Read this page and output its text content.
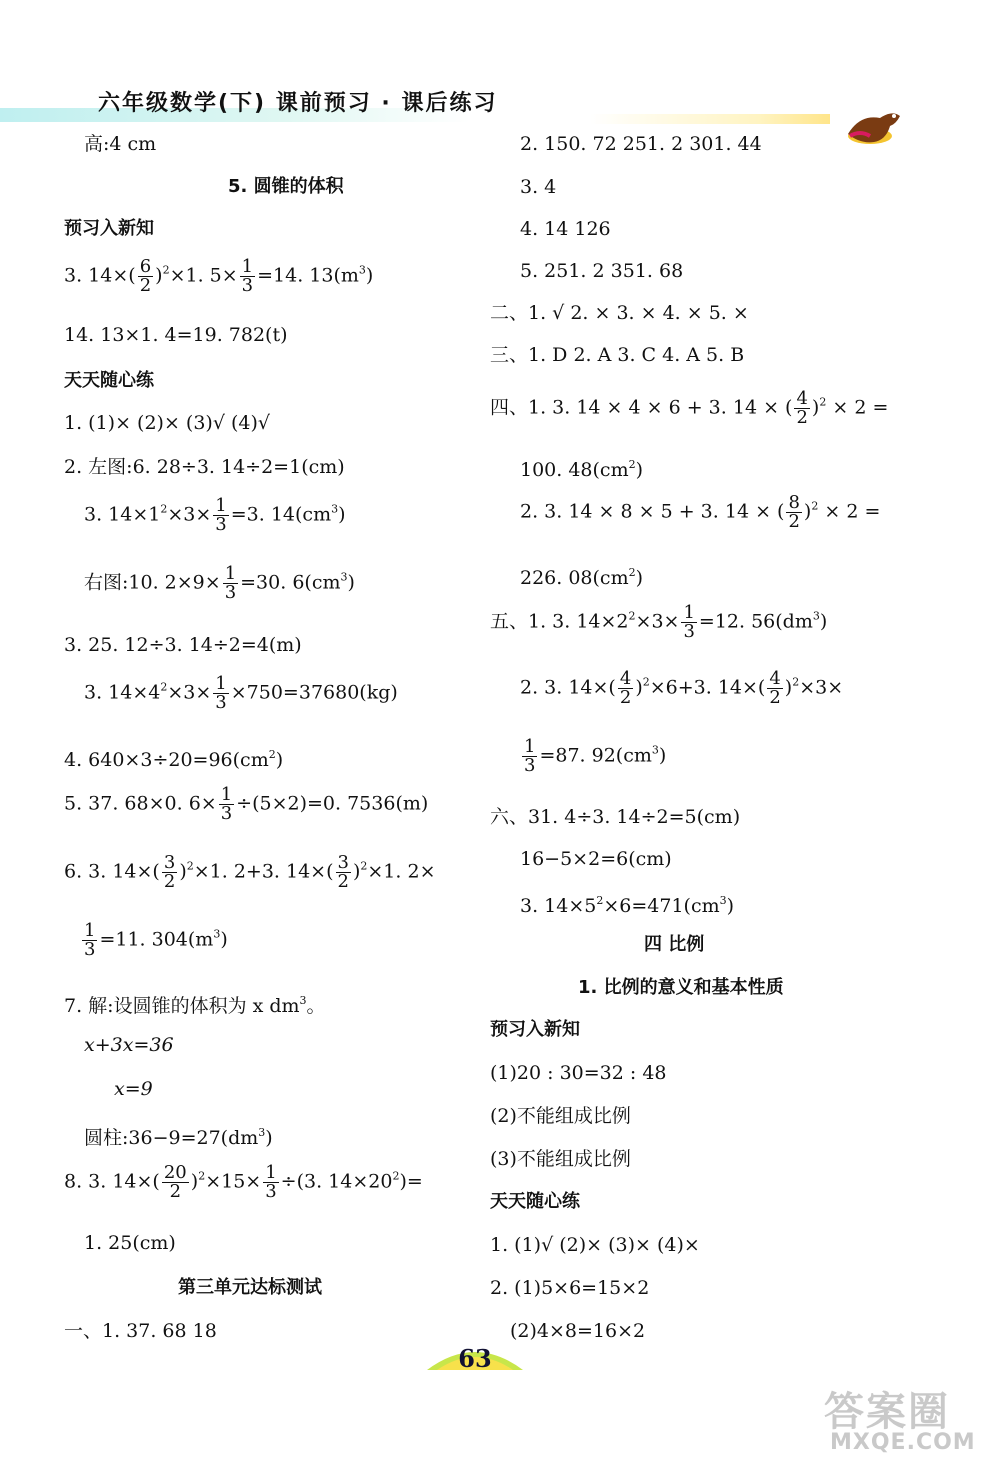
六年级数学(下) 课前预习 · 课后练习
高:4 cm
5. 圆锥的体积
预习入新知
3. $14\times( \frac{6}{2} )^2\times 1$. $5\times \frac{1}{3} =14$. $13(m^3)$
14. 13×1. 4=19. 782(t)
天天随心练
1. (1)× (2)× (3)√ (4)√
2. 左图:6. 28÷3. 14÷2=1(cm)
3. $14\times 1^2\times 3\times \frac{1}{3} =3$. $14(cm^3)$
右图:10. $2\times 9\times \frac{1}{3} =30$. $6(cm^3)$
3. 25. 12÷3. 14÷2=4(m)
3. $14\times 4^2\times 3\times \frac{1}{3} \times 750=37680(kg)$
4. $640\times 3\div 20=96(cm^2)$
5. 37. 68×0. $6\times \frac{1}{3} \div(5\times 2)=0$. 7536(m)
6. 3. $14\times( \frac{3}{2} )^2\times 1$. 2+3. $14\times( \frac{3}{2} )^2\times 1$. 2×
$\frac{1}{3} =11$. $304(m^3)$
7. 解:设圆锥的体积为 x $dm^3$。
x+3x=36
x=9
圆柱$:36-9=27(dm^3)$
8. 3. $14\times( \frac{20}{2} )^2\times 15\times \frac{1}{3} \div(3$. $14\times 20^2)=$
1. 25(cm)
第三单元达标测试
一、1. 37. 68 18
2. 150. 72 251. 2 301. 44
3. 4
4. 14 126
5. 251. 2 351. 68
二、1. √ 2. × 3. × 4. × 5. ×
三、1. D 2. A 3. C 4. A 5. B
四、1. 3. 14 × 4 × 6 + 3. 14 × ( $\frac{4}{2} )^2 \times 2$ =
100. $48(cm^2)$
2. 3. 14 × 8 × 5 + 3. 14 × ( $\frac{8}{2} )^2 \times 2$ =
226. $08(cm^2)$
五、1. 3. $14\times 2^2\times 3\times \frac{1}{3} =12$. $56(dm^3)$
2. 3. $14\times( \frac{4}{2} )^2\times 6+3$. $14\times( \frac{4}{2} )^2\times 3\times$
$\frac{1}{3} =87$. $92(cm^3)$
六、31. 4÷3. 14÷2=5(cm)
16−5×2=6(cm)
3. $14\times 5^2\times 6=471(cm^3)$
四 比例
1. 比例的意义和基本性质
预习入新知
(1)20 : 30=32 : 48
(2)不能组成比例
(3)不能组成比例
天天随心练
1. (1)√ (2)× (3)× (4)×
2. (1)5×6=15×2
(2)4×8=16×2
63
答案圈
MXQE.COM
